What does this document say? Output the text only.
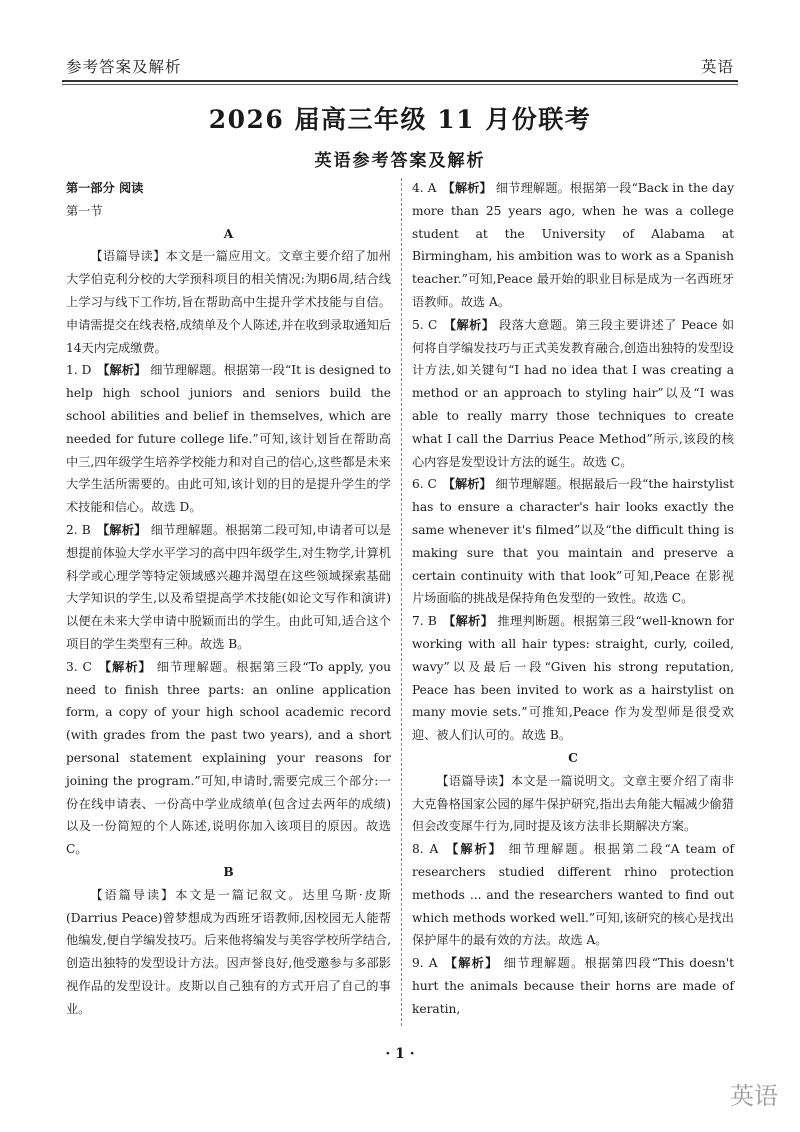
参考答案及解析	英语
2026 届高三年级 11 月份联考
英语参考答案及解析

第一部分 阅读

第一节

A

【语篇导读】本文是一篇应用文。文章主要介绍了加州大学伯克利分校的大学预科项目的相关情况:为期6周,结合线上学习与线下工作坊,旨在帮助高中生提升学术技能与自信。申请需提交在线表格,成绩单及个人陈述,并在收到录取通知后14天内完成缴费。

1. D 【解析】 细节理解题。根据第一段“It is designed to help high school juniors and seniors build the school abilities and belief in themselves, which are needed for future college life.”可知,该计划旨在帮助高中三,四年级学生培养学校能力和对自己的信心,这些都是未来大学生活所需要的。由此可知,该计划的目的是提升学生的学术技能和信心。故选 D。

2. B 【解析】 细节理解题。根据第二段可知,申请者可以是想提前体验大学水平学习的高中四年级学生,对生物学,计算机科学或心理学等特定领域感兴趣并渴望在这些领域探索基础大学知识的学生,以及希望提高学术技能(如论文写作和演讲)以便在未来大学申请中脱颖而出的学生。由此可知,适合这个项目的学生类型有三种。故选 B。

3. C 【解析】 细节理解题。根据第三段“To apply, you need to finish three parts: an online application form, a copy of your high school academic record (with grades from the past two years), and a short personal statement explaining your reasons for joining the program.”可知,申请时,需要完成三个部分:一份在线申请表、一份高中学业成绩单(包含过去两年的成绩)以及一份简短的个人陈述,说明你加入该项目的原因。故选 C。

B

【语篇导读】本文是一篇记叙文。达里乌斯·皮斯(Darrius Peace)曾梦想成为西班牙语教师,因校园无人能帮他编发,便自学编发技巧。后来他将编发与美容学校所学结合,创造出独特的发型设计方法。因声誉良好,他受邀参与多部影视作品的发型设计。皮斯以自己独有的方式开启了自己的事业。

4. A 【解析】 细节理解题。根据第一段“Back in the day more than 25 years ago, when he was a college student at the University of Alabama at Birmingham, his ambition was to work as a Spanish teacher.”可知,Peace 最开始的职业目标是成为一名西班牙语教师。故选 A。

5. C 【解析】 段落大意题。第三段主要讲述了 Peace 如何将自学编发技巧与正式美发教育融合,创造出独特的发型设计方法,如关键句“I had no idea that I was creating a method or an approach to styling hair”以及“I was able to really marry those techniques to create what I call the Darrius Peace Method”所示,该段的核心内容是发型设计方法的诞生。故选 C。

6. C 【解析】 细节理解题。根据最后一段“the hairstylist has to ensure a character's hair looks exactly the same whenever it's filmed”以及“the difficult thing is making sure that you maintain and preserve a certain continuity with that look”可知,Peace 在影视片场面临的挑战是保持角色发型的一致性。故选 C。

7. B 【解析】 推理判断题。根据第三段“well-known for working with all hair types: straight, curly, coiled, wavy”以及最后一段“Given his strong reputation, Peace has been invited to work as a hairstylist on many movie sets.”可推知,Peace 作为发型师是很受欢迎、被人们认可的。故选 B。

C

【语篇导读】本文是一篇说明文。文章主要介绍了南非大克鲁格国家公园的犀牛保护研究,指出去角能大幅减少偷猎但会改变犀牛行为,同时提及该方法非长期解决方案。

8. A 【解析】 细节理解题。根据第二段“A team of researchers studied different rhino protection methods ... and the researchers wanted to find out which methods worked well.”可知,该研究的核心是找出保护犀牛的最有效的方法。故选 A。

9. A 【解析】 细节理解题。根据第四段“This doesn't hurt the animals because their horns are made of keratin,

· 1 ·
英语
